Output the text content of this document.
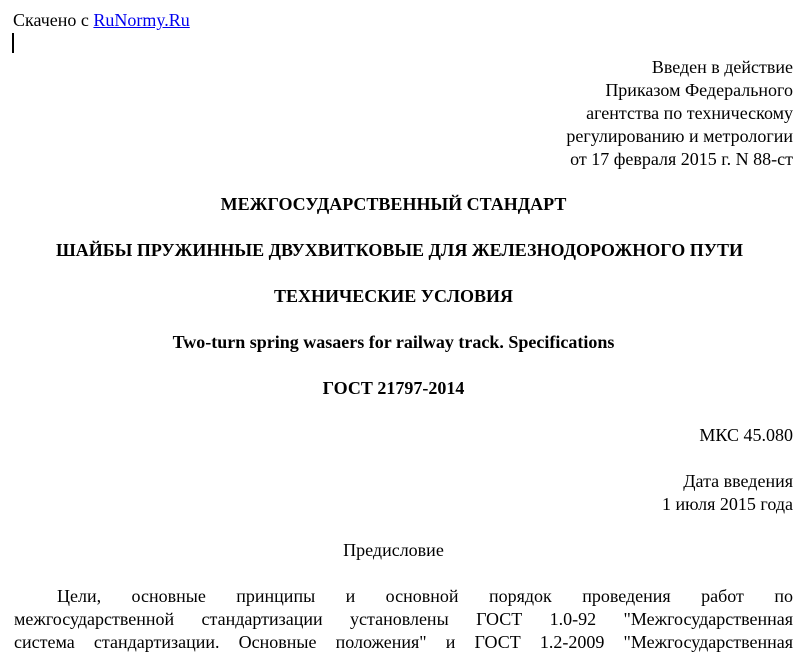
Скачено с RuNormy.Ru
Введен в действие
Приказом Федерального
агентства по техническому
регулированию и метрологии
от 17 февраля 2015 г. N 88-ст
МЕЖГОСУДАРСТВЕННЫЙ СТАНДАРТ
ШАЙБЫ ПРУЖИННЫЕ ДВУХВИТКОВЫЕ ДЛЯ ЖЕЛЕЗНОДОРОЖНОГО ПУТИ
ТЕХНИЧЕСКИЕ УСЛОВИЯ
Two-turn spring wasaers for railway track. Specifications
ГОСТ 21797-2014
МКС 45.080
Дата введения
1 июля 2015 года
Предисловие
Цели, основные принципы и основной порядок проведения работ по
межгосударственной стандартизации установлены ГОСТ 1.0-92 "Межгосударственная
система стандартизации. Основные положения" и ГОСТ 1.2-2009 "Межгосударственная
